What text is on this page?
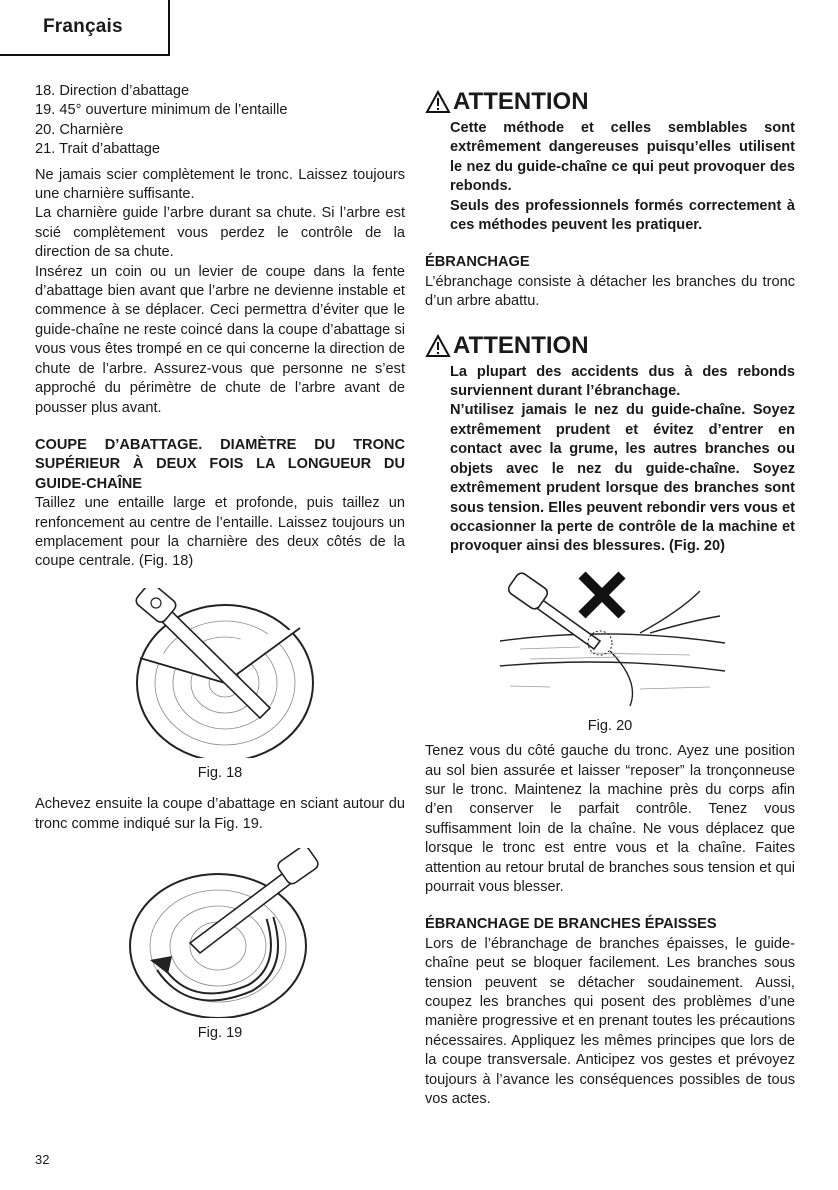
Français
18. Direction d’abattage
19. 45° ouverture minimum de l’entaille
20. Charnière
21. Trait d’abattage

Ne jamais scier complètement le tronc. Laissez toujours une charnière suffisante.

La charnière guide l’arbre durant sa chute. Si l’arbre est scié complètement vous perdez le contrôle de la direction de sa chute.

Insérez un coin ou un levier de coupe dans la fente d’abattage bien avant que l’arbre ne devienne instable et commence à se déplacer. Ceci permettra d’éviter que le guide-chaîne ne reste coincé dans la coupe d’abattage si vous vous êtes trompé en ce qui concerne la direction de chute de l’arbre. Assurez-vous que personne ne s’est approché du périmètre de chute de l’arbre avant de pousser plus avant.

COUPE D’ABATTAGE. DIAMÈTRE DU TRONC SUPÉRIEUR À DEUX FOIS LA LONGUEUR DU GUIDE-CHAÎNE

Taillez une entaille large et profonde, puis taillez un renfoncement au centre de l’entaille. Laissez toujours un emplacement pour la charnière des deux côtés de la coupe centrale. (Fig. 18)

Fig. 18

Achevez ensuite la coupe d’abattage en sciant autour du tronc comme indiqué sur la Fig. 19.

Fig. 19
ATTENTION

Cette méthode et celles semblables sont extrêmement dangereuses puisqu’elles utilisent le nez du guide-chaîne ce qui peut provoquer des rebonds.

Seuls des professionnels formés correctement à ces méthodes peuvent les pratiquer.

ÉBRANCHAGE

L’ébranchage consiste à détacher les branches du tronc d’un arbre abattu.

ATTENTION

La plupart des accidents dus à des rebonds surviennent durant l’ébranchage.

N’utilisez jamais le nez du guide-chaîne. Soyez extrêmement prudent et évitez d’entrer en contact avec la grume, les autres branches ou objets avec le nez du guide-chaîne. Soyez extrêmement prudent lorsque des branches sont sous tension. Elles peuvent rebondir vers vous et occasionner la perte de contrôle de la machine et provoquer ainsi des blessures. (Fig. 20)

Fig. 20

Tenez vous du côté gauche du tronc. Ayez une position au sol bien assurée et laisser “reposer” la tronçonneuse sur le tronc. Maintenez la machine près du corps afin d’en conserver le parfait contrôle. Tenez vous suffisamment loin de la chaîne. Ne vous déplacez que lorsque le tronc est entre vous et la chaîne. Faites attention au retour brutal de branches sous tension et qui pourrait vous blesser.

ÉBRANCHAGE DE BRANCHES ÉPAISSES

Lors de l’ébranchage de branches épaisses, le guide-chaîne peut se bloquer facilement. Les branches sous tension peuvent se détacher soudainement. Aussi, coupez les branches qui posent des problèmes d’une manière progressive et en prenant toutes les précautions nécessaires. Appliquez les mêmes principes que lors de la coupe transversale. Anticipez vos gestes et prévoyez toujours à l’avance les conséquences possibles de tous vos actes.

32
